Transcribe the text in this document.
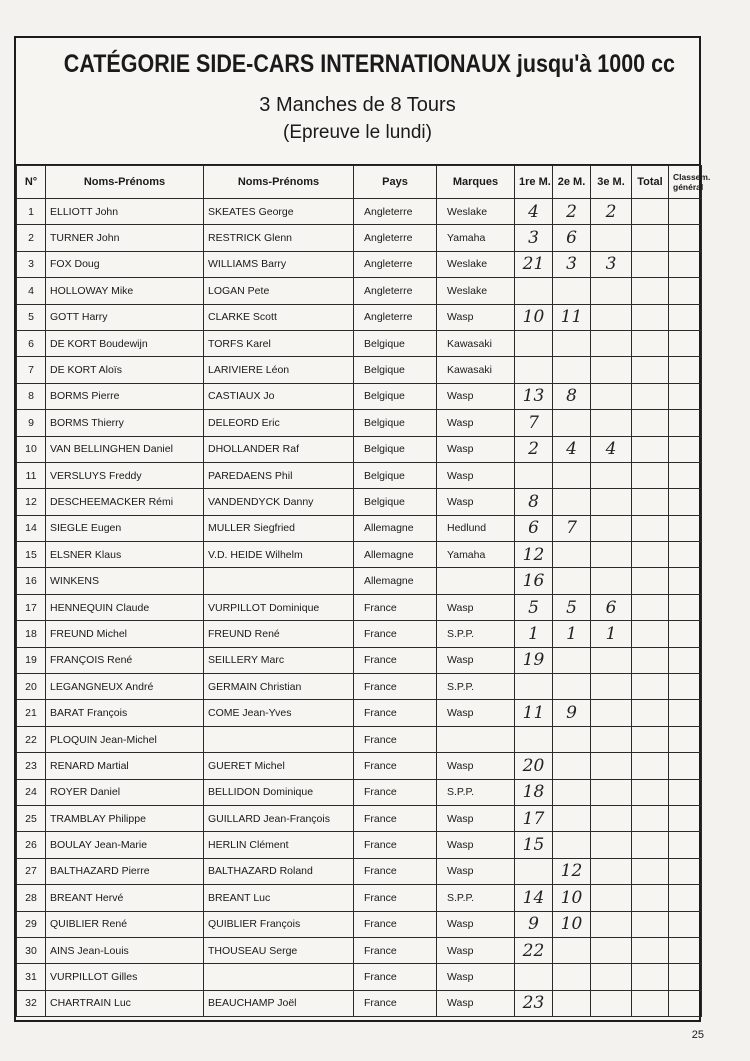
CATÉGORIE SIDE-CARS INTERNATIONAUX jusqu'à 1000 cc
3 Manches de 8 Tours
(Epreuve le lundi)
N°	Noms-Prénoms	Noms-Prénoms	Pays	Marques	1re M.	2e M.	3e M.	Total	Classem. général
1	ELLIOTT John	SKEATES George	Angleterre	Weslake	4	2	2		
2	TURNER John	RESTRICK Glenn	Angleterre	Yamaha	3	6			
3	FOX Doug	WILLIAMS Barry	Angleterre	Weslake	21	3	3		
4	HOLLOWAY Mike	LOGAN Pete	Angleterre	Weslake					
5	GOTT Harry	CLARKE Scott	Angleterre	Wasp	10	11			
6	DE KORT Boudewijn	TORFS Karel	Belgique	Kawasaki					
7	DE KORT Aloïs	LARIVIERE Léon	Belgique	Kawasaki					
8	BORMS Pierre	CASTIAUX Jo	Belgique	Wasp	13	8			
9	BORMS Thierry	DELEORD Eric	Belgique	Wasp	7				
10	VAN BELLINGHEN Daniel	DHOLLANDER Raf	Belgique	Wasp	2	4	4		
11	VERSLUYS Freddy	PAREDAENS Phil	Belgique	Wasp					
12	DESCHEEMACKER Rémi	VANDENDYCK Danny	Belgique	Wasp	8				
14	SIEGLE Eugen	MULLER Siegfried	Allemagne	Hedlund	6	7			
15	ELSNER Klaus	V.D. HEIDE Wilhelm	Allemagne	Yamaha	12				
16	WINKENS		Allemagne		16				
17	HENNEQUIN Claude	VURPILLOT Dominique	France	Wasp	5	5	6		
18	FREUND Michel	FREUND René	France	S.P.P.	1	1	1		
19	FRANÇOIS René	SEILLERY Marc	France	Wasp	19				
20	LEGANGNEUX André	GERMAIN Christian	France	S.P.P.					
21	BARAT François	COME Jean-Yves	France	Wasp	11	9			
22	PLOQUIN Jean-Michel		France						
23	RENARD Martial	GUERET Michel	France	Wasp	20				
24	ROYER Daniel	BELLIDON Dominique	France	S.P.P.	18				
25	TRAMBLAY Philippe	GUILLARD Jean-François	France	Wasp	17				
26	BOULAY Jean-Marie	HERLIN Clément	France	Wasp	15				
27	BALTHAZARD Pierre	BALTHAZARD Roland	France	Wasp		12			
28	BREANT Hervé	BREANT Luc	France	S.P.P.	14	10			
29	QUIBLIER René	QUIBLIER François	France	Wasp	9	10			
30	AINS Jean-Louis	THOUSEAU Serge	France	Wasp	22				
31	VURPILLOT Gilles		France	Wasp					
32	CHARTRAIN Luc	BEAUCHAMP Joël	France	Wasp	23				
25
